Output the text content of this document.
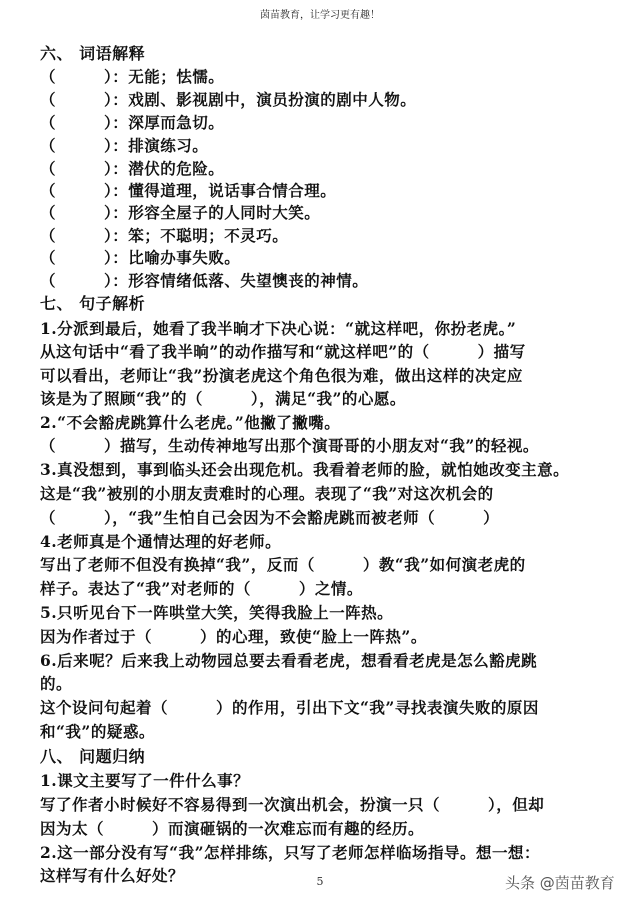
茵苗教育，让学习更有趣！
六、 词语解释
（　　　）：无能；怯懦。
（　　　）：戏剧、影视剧中，演员扮演的剧中人物。
（　　　）：深厚而急切。
（　　　）：排演练习。
（　　　）：潜伏的危险。
（　　　）：懂得道理，说话事合情合理。
（　　　）：形容全屋子的人同时大笑。
（　　　）：笨；不聪明；不灵巧。
（　　　）：比喻办事失败。
（　　　）：形容情绪低落、失望懊丧的神情。
七、 句子解析
1.分派到最后，她看了我半晌才下决心说：“就这样吧，你扮老虎。”
从这句话中“看了我半晌”的动作描写和“就这样吧”的（　　　）描写
可以看出，老师让“我”扮演老虎这个角色很为难，做出这样的决定应
该是为了照顾“我”的（　　　），满足“我”的心愿。
2.“不会豁虎跳算什么老虎。”他撇了撇嘴。
（　　　）描写，生动传神地写出那个演哥哥的小朋友对“我”的轻视。
3.真没想到，事到临头还会出现危机。我看着老师的脸，就怕她改变主意。
这是“我”被别的小朋友责难时的心理。表现了“我”对这次机会的
（　　　），“我”生怕自己会因为不会豁虎跳而被老师（　　　）
4.老师真是个通情达理的好老师。
写出了老师不但没有换掉“我”，反而（　　　）教“我”如何演老虎的
样子。表达了“我”对老师的（　　　）之情。
5.只听见台下一阵哄堂大笑，笑得我脸上一阵热。
因为作者过于（　　　）的心理，致使“脸上一阵热”。
6.后来呢？后来我上动物园总要去看看老虎，想看看老虎是怎么豁虎跳
的。
这个设问句起着（　　　）的作用，引出下文“我”寻找表演失败的原因
和“我”的疑惑。
八、 问题归纳
1.课文主要写了一件什么事？
写了作者小时候好不容易得到一次演出机会，扮演一只（　　　），但却
因为太（　　　）而演砸锅的一次难忘而有趣的经历。
2.这一部分没有写“我”怎样排练，只写了老师怎样临场指导。想一想：
这样写有什么好处？	5	头条 @茵苗教育
